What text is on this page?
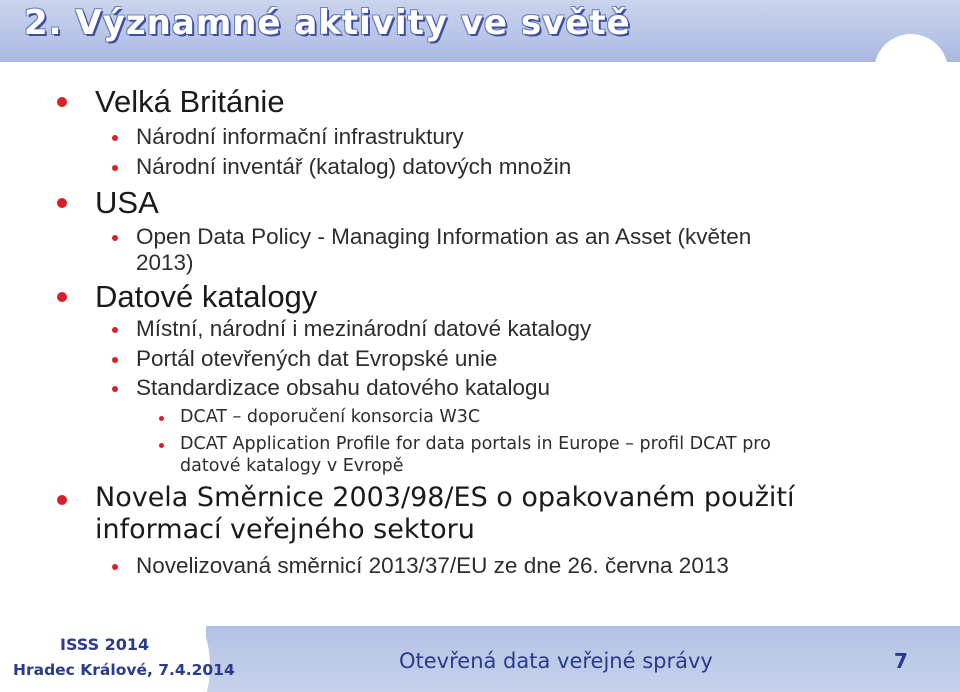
2. Významné aktivity ve světě
Velká Británie
Národní informační infrastruktury
Národní inventář (katalog) datových množin
USA
Open Data Policy - Managing Information as an Asset (květen
2013)
Datové katalogy
Místní, národní i mezinárodní datové katalogy
Portál otevřených dat Evropské unie
Standardizace obsahu datového katalogu
DCAT – doporučení konsorcia W3C
DCAT Application Profile for data portals in Europe – profil DCAT pro
datové katalogy v Evropě
Novela Směrnice 2003/98/ES o opakovaném použití
informací veřejného sektoru
Novelizovaná směrnicí 2013/37/EU ze dne 26. června 2013
ISSS 2014
Hradec Králové, 7.4.2014	Otevřená data veřejné správy	7
